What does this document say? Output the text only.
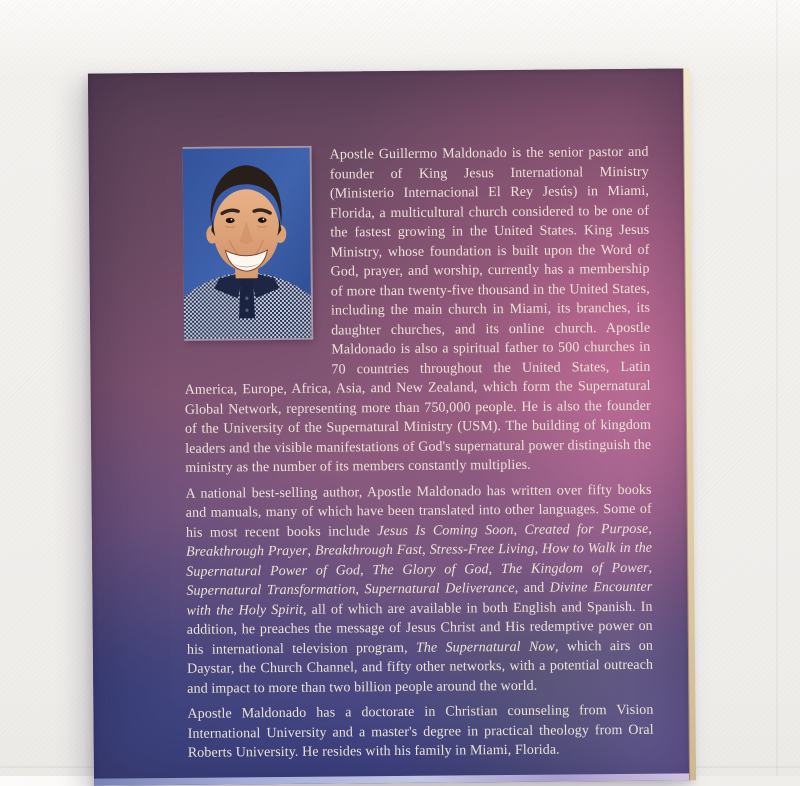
Apostle Guillermo Maldonado is the senior pastor and founder of King Jesus International Ministry (Ministerio Internacional El Rey Jesús) in Miami, Florida, a multicultural church considered to be one of the fastest growing in the United States. King Jesus Ministry, whose foundation is built upon the Word of God, prayer, and worship, currently has a membership of more than twenty-five thousand in the United States, including the main church in Miami, its branches, its daughter churches, and its online church. Apostle Maldonado is also a spiritual father to 500 churches in 70 countries throughout the United States, Latin America, Europe, Africa, Asia, and New Zealand, which form the Supernatural Global Network, representing more than 750,000 people. He is also the founder of the University of the Supernatural Ministry (USM). The building of kingdom leaders and the visible manifestations of God's supernatural power distinguish the ministry as the number of its members constantly multiplies.

A national best-selling author, Apostle Maldonado has written over fifty books and manuals, many of which have been translated into other languages. Some of his most recent books include Jesus Is Coming Soon, Created for Purpose, Breakthrough Prayer, Breakthrough Fast, Stress-Free Living, How to Walk in the Supernatural Power of God, The Glory of God, The Kingdom of Power, Supernatural Transformation, Supernatural Deliverance, and Divine Encounter with the Holy Spirit, all of which are available in both English and Spanish. In addition, he preaches the message of Jesus Christ and His redemptive power on his international television program, The Supernatural Now, which airs on Daystar, the Church Channel, and fifty other networks, with a potential outreach and impact to more than two billion people around the world.

Apostle Maldonado has a doctorate in Christian counseling from Vision International University and a master's degree in practical theology from Oral Roberts University. He resides with his family in Miami, Florida.
